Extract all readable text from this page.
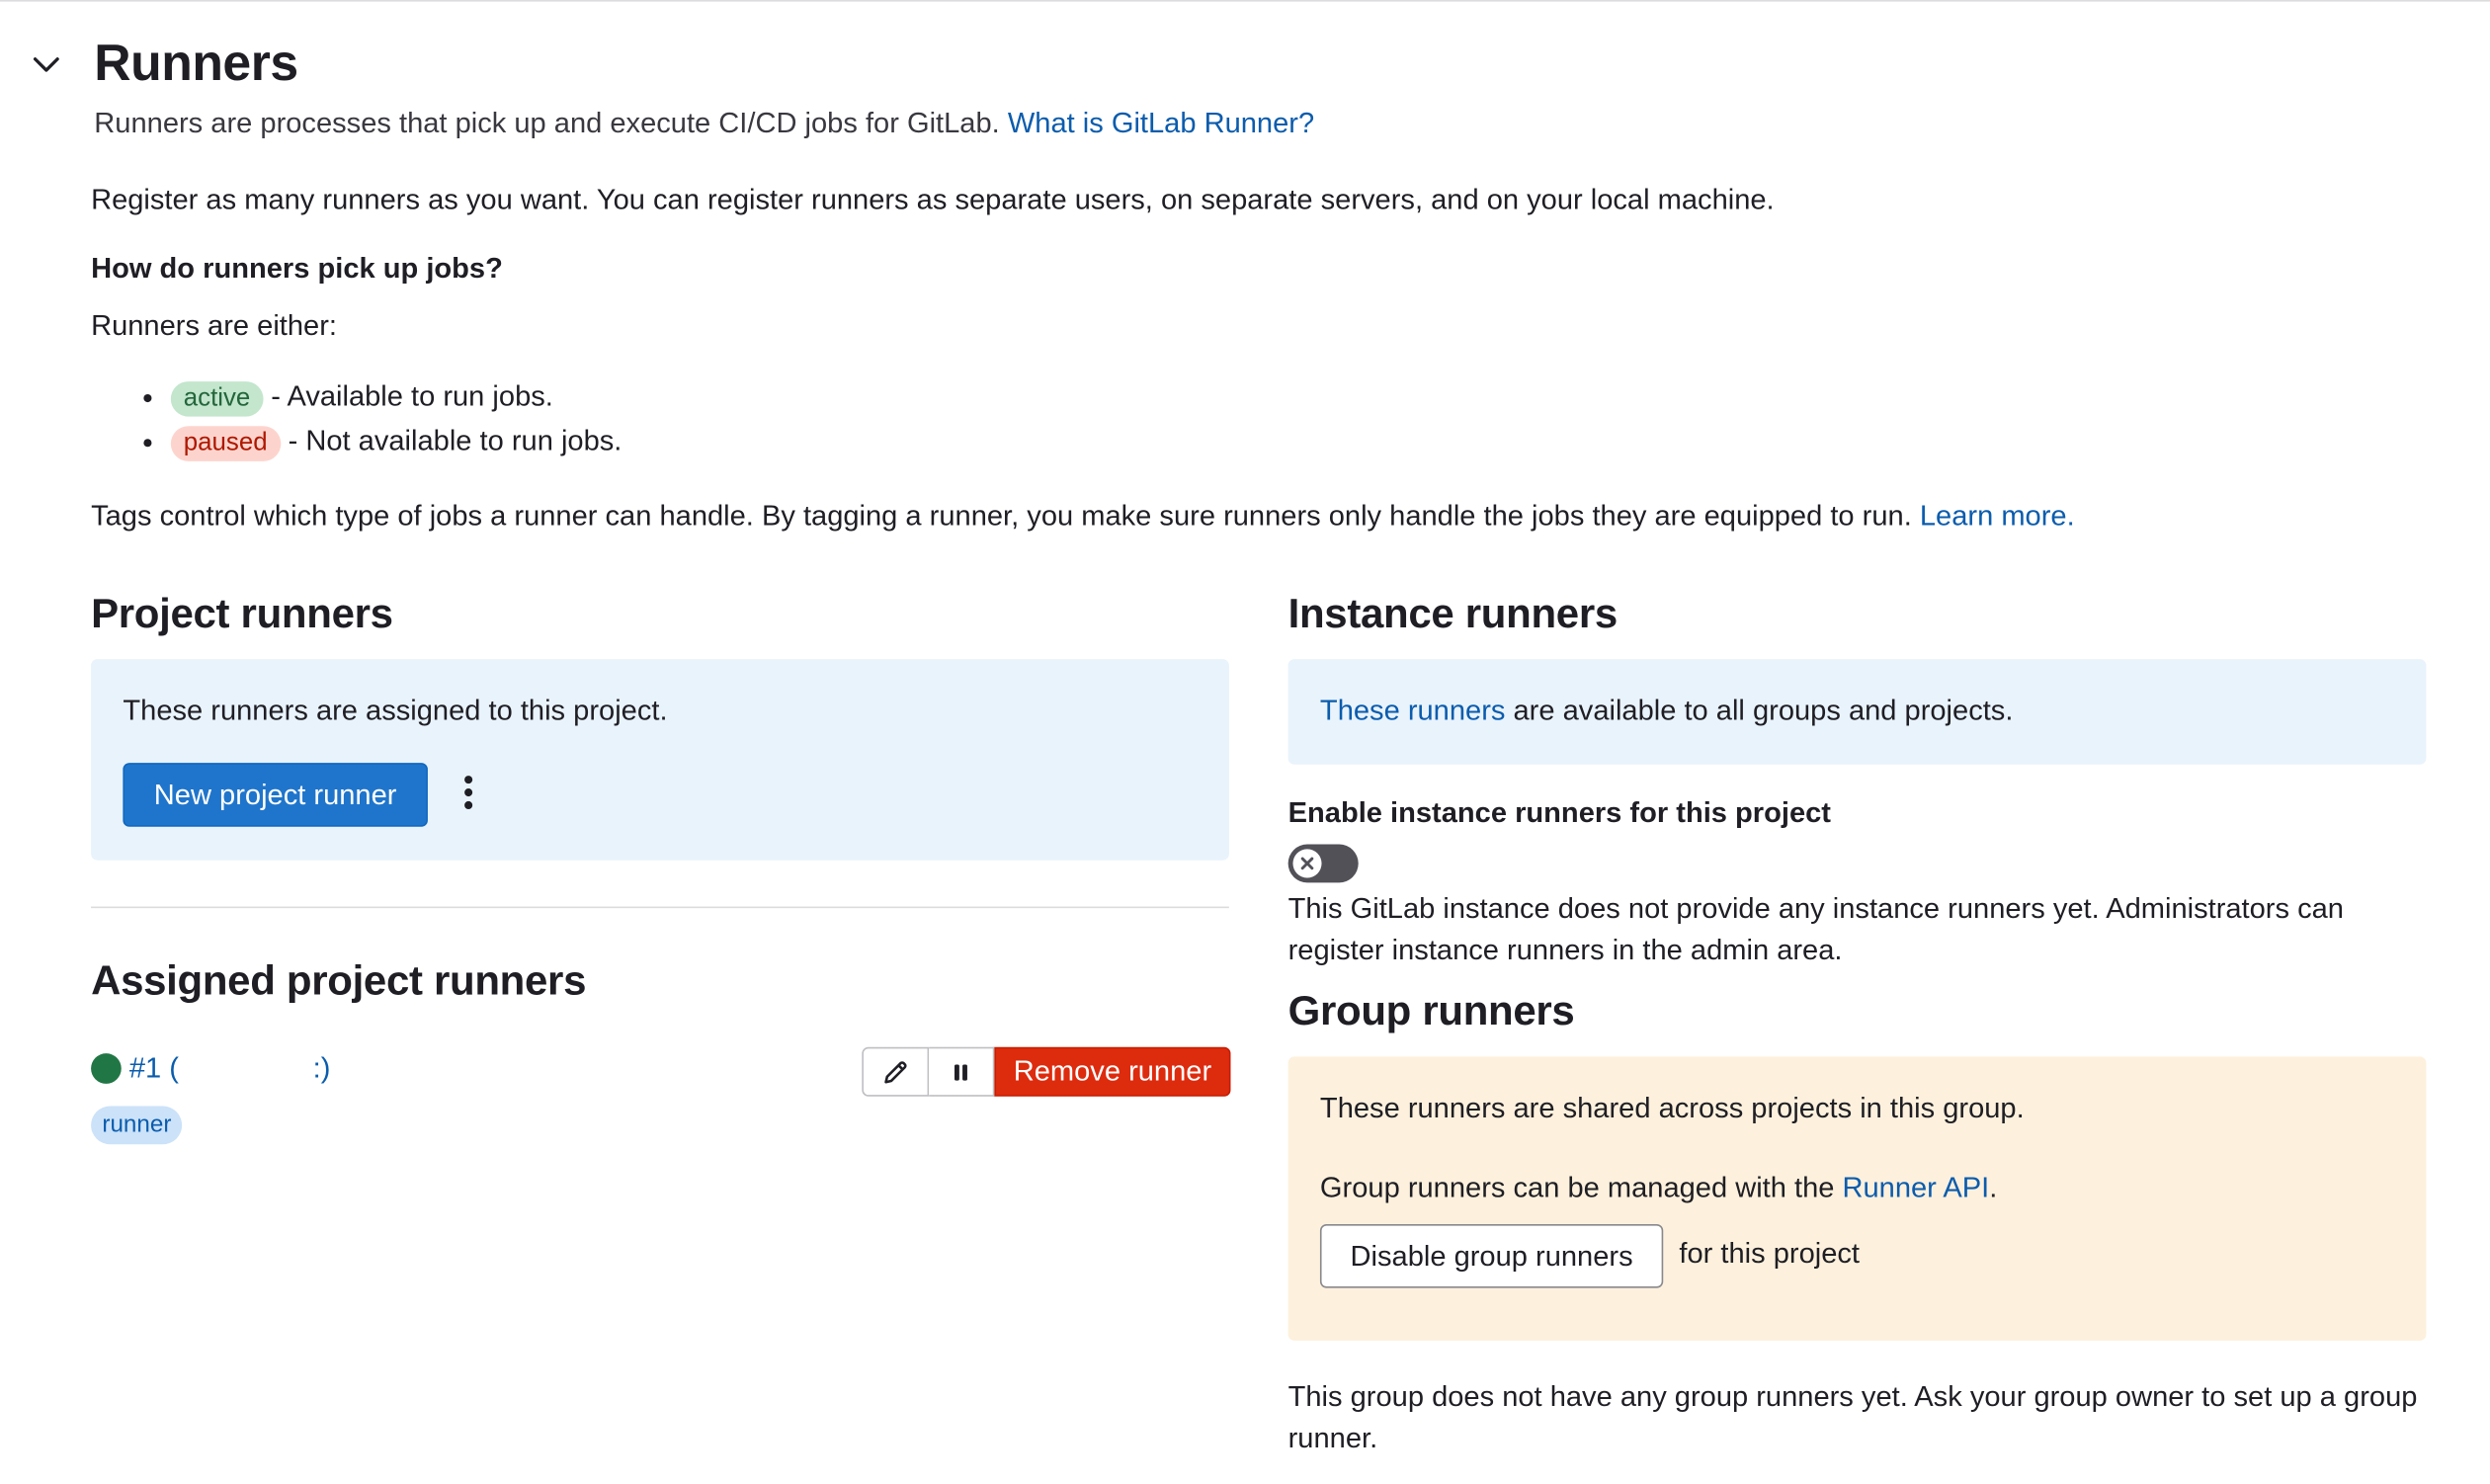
Runners
Runners are processes that pick up and execute CI/CD jobs for GitLab. What is GitLab Runner?
Register as many runners as you want. You can register runners as separate users, on separate servers, and on your local machine.
How do runners pick up jobs?
Runners are either:
• active - Available to run jobs.
• paused - Not available to run jobs.
Tags control which type of jobs a runner can handle. By tagging a runner, you make sure runners only handle the jobs they are equipped to run. Learn more.
Project runners
These runners are assigned to this project.
New project runner
Assigned project runners
#1 (	:)
runner
Remove runner
Instance runners
These runners are available to all groups and projects.
Enable instance runners for this project
This GitLab instance does not provide any instance runners yet. Administrators can register instance runners in the admin area.
Group runners
These runners are shared across projects in this group.
Group runners can be managed with the Runner API.
Disable group runners	for this project
This group does not have any group runners yet. Ask your group owner to set up a group runner.
